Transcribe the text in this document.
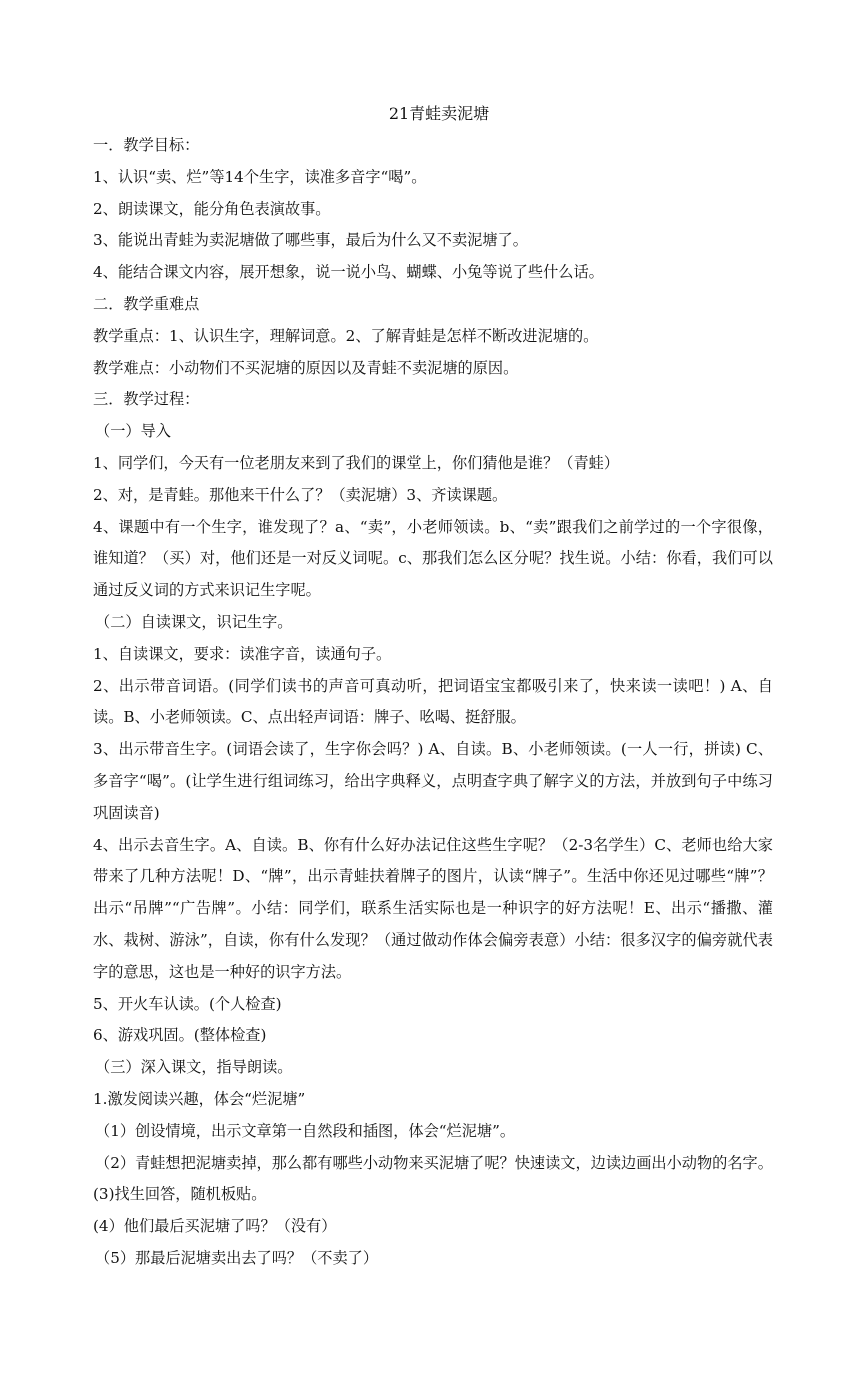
21青蛙卖泥塘

一．教学目标：

1、认识“卖、烂”等14个生字，读准多音字“喝”。

2、朗读课文，能分角色表演故事。

3、能说出青蛙为卖泥塘做了哪些事，最后为什么又不卖泥塘了。

4、能结合课文内容，展开想象，说一说小鸟、蝴蝶、小兔等说了些什么话。

二．教学重难点

教学重点：1、认识生字，理解词意。2、了解青蛙是怎样不断改进泥塘的。

教学难点：小动物们不买泥塘的原因以及青蛙不卖泥塘的原因。

三．教学过程：

（一）导入

1、同学们，今天有一位老朋友来到了我们的课堂上，你们猜他是谁？（青蛙）

2、对，是青蛙。那他来干什么了？（卖泥塘）3、齐读课题。

4、课题中有一个生字，谁发现了？a、“卖”，小老师领读。b、“卖”跟我们之前学过的一个字很像，谁知道？（买）对，他们还是一对反义词呢。c、那我们怎么区分呢？找生说。小结：你看，我们可以通过反义词的方式来识记生字呢。

（二）自读课文，识记生字。

1、自读课文，要求：读准字音，读通句子。

2、出示带音词语。(同学们读书的声音可真动听，把词语宝宝都吸引来了，快来读一读吧！) A、自读。B、小老师领读。C、点出轻声词语：牌子、吆喝、挺舒服。

3、出示带音生字。(词语会读了，生字你会吗？) A、自读。B、小老师领读。(一人一行，拼读) C、多音字“喝”。(让学生进行组词练习，给出字典释义，点明查字典了解字义的方法，并放到句子中练习巩固读音)

4、出示去音生字。A、自读。B、你有什么好办法记住这些生字呢？（2-3名学生）C、老师也给大家带来了几种方法呢！D、“牌”，出示青蛙扶着牌子的图片，认读“牌子”。生活中你还见过哪些“牌”？出示“吊牌”“广告牌”。小结：同学们，联系生活实际也是一种识字的好方法呢！E、出示“播撒、灌水、栽树、游泳”，自读，你有什么发现？（通过做动作体会偏旁表意）小结：很多汉字的偏旁就代表字的意思，这也是一种好的识字方法。

5、开火车认读。(个人检查)

6、游戏巩固。(整体检查)

（三）深入课文，指导朗读。

1.激发阅读兴趣，体会“烂泥塘”

（1）创设情境，出示文章第一自然段和插图，体会“烂泥塘”。

（2）青蛙想把泥塘卖掉，那么都有哪些小动物来买泥塘了呢？快速读文，边读边画出小动物的名字。

(3)找生回答，随机板贴。

(4）他们最后买泥塘了吗？（没有）

（5）那最后泥塘卖出去了吗？（不卖了）
